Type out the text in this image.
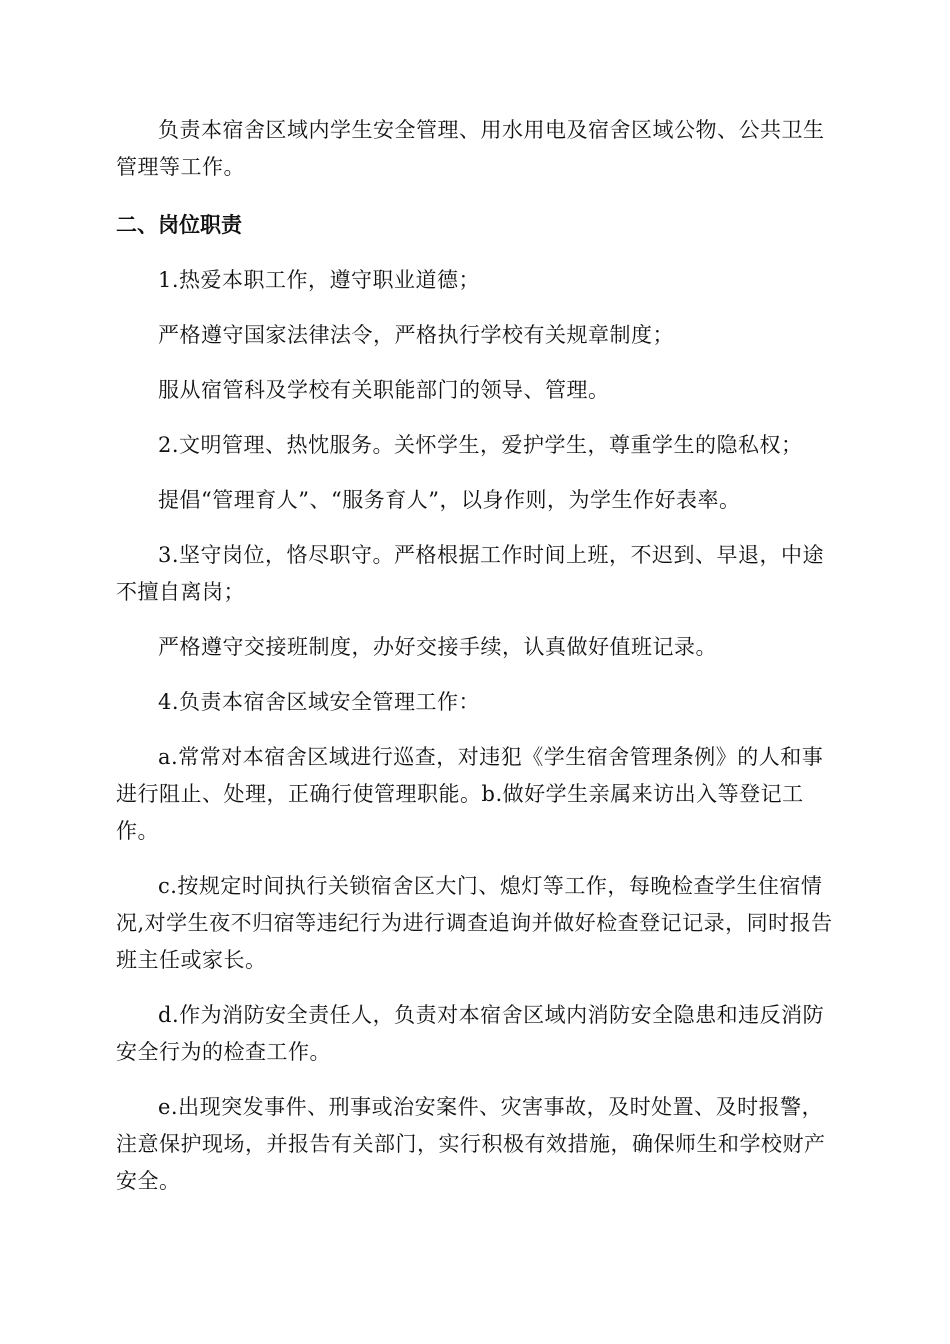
负责本宿舍区域内学生安全管理、用水用电及宿舍区域公物、公共卫生管理等工作。

二、岗位职责

1.热爱本职工作，遵守职业道德；

严格遵守国家法律法令，严格执行学校有关规章制度；

服从宿管科及学校有关职能部门的领导、管理。

2.文明管理、热忱服务。关怀学生，爱护学生，尊重学生的隐私权；

提倡“管理育人”、“服务育人”，以身作则，为学生作好表率。

3.坚守岗位，恪尽职守。严格根据工作时间上班，不迟到、早退，中途不擅自离岗；

严格遵守交接班制度，办好交接手续，认真做好值班记录。

4.负责本宿舍区域安全管理工作：

a.常常对本宿舍区域进行巡查，对违犯《学生宿舍管理条例》的人和事进行阻止、处理，正确行使管理职能。b.做好学生亲属来访出入等登记工作。

c.按规定时间执行关锁宿舍区大门、熄灯等工作，每晚检查学生住宿情况,对学生夜不归宿等违纪行为进行调查追询并做好检查登记记录，同时报告班主任或家长。

d.作为消防安全责任人，负责对本宿舍区域内消防安全隐患和违反消防安全行为的检查工作。

e.出现突发事件、刑事或治安案件、灾害事故，及时处置、及时报警，注意保护现场，并报告有关部门，实行积极有效措施，确保师生和学校财产安全。
